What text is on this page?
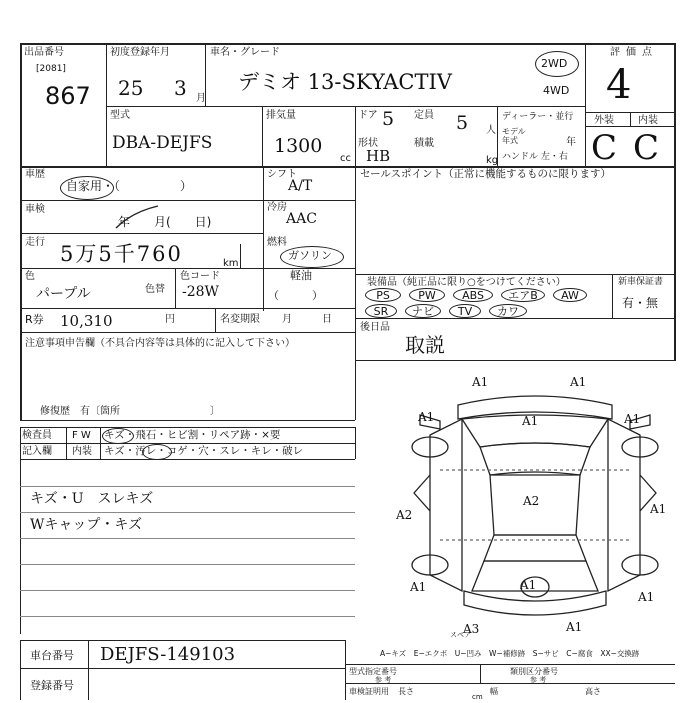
出品番号
[2081]
867
初度登録年月
25 3 月
車名・グレード
デミオ 13-SKYACTIV
2WD
4WD
評価点
4
型式
DBA-DEJFS
排気量
1300
cc
ドア 5 定員 5 人
形状
HB
積載
kg
ディーラー・並行
モデル年式	年
ハンドル 左・右
外装 内装
C C
車歴
自家用・（　　　　　）
シフト
A/T
セールスポイント（正常に機能するものに限ります）
車検
年　　月(　　日)
冷房
AAC
走行 5万5千760	km
燃料
ガソリン
軽油
（　　　）
色
パープル	色替
色コード
-28W
装備品（純正品に限り○をつけてください）	新車保証書
有・無
PS	PW	ABS	エアB	AW
SR	ナビ	TV	カワ
R券 10,310	円	名変期限 月　　　日
後日品
取説
注意事項申告欄（不具合内容等は具体的に記入して下さい）
修復歴　有〔箇所　　　　　　　　　〕
検査員
記入欄
F W キズ・飛石・ヒビ割・リペア跡・×要
内装 キズ・汚レ・コゲ・穴・スレ・キレ・破レ
キズ・U　スレキズ
Wキャップ・キズ
A1	A1
A1	A1	A1
A1
A2
A2
A1	A1
A1
A3	A1
スペア
A−キズ　E−エクボ　U−凹み　W−補修跡　S−サビ　C−腐食　XX−交換跡
車台番号 DEJFS-149103
登録番号
型式指定番号
参 考
類別区分番号
参 考
車検証明用 長さ	幅	高さ
cm
